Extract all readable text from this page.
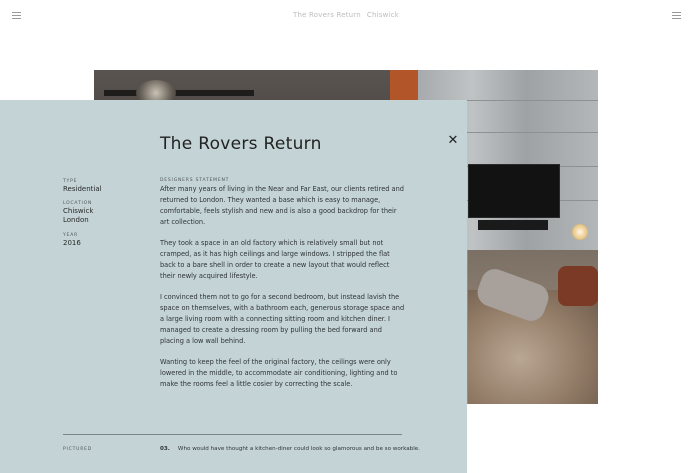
The Rovers Return Chiswick
The Rovers Return	✕
TYPE
Residential
LOCATION
Chiswick
London
YEAR
2016
DESIGNERS STATEMENT

After many years of living in the Near and Far East, our clients retired and returned to London. They wanted a base which is easy to manage, comfortable, feels stylish and new and is also a good backdrop for their art collection.

They took a space in an old factory which is relatively small but not cramped, as it has high ceilings and large windows. I stripped the flat back to a bare shell in order to create a new layout that would reflect their newly acquired lifestyle.

I convinced them not to go for a second bedroom, but instead lavish the space on themselves, with a bathroom each, generous storage space and a large living room with a connecting sitting room and kitchen diner. I managed to create a dressing room by pulling the bed forward and placing a low wall behind.

Wanting to keep the feel of the original factory, the ceilings were only lowered in the middle, to accommodate air conditioning, lighting and to make the rooms feel a little cosier by correcting the scale.

PICTURED	03. Who would have thought a kitchen-diner could look so glamorous and be so workable.
